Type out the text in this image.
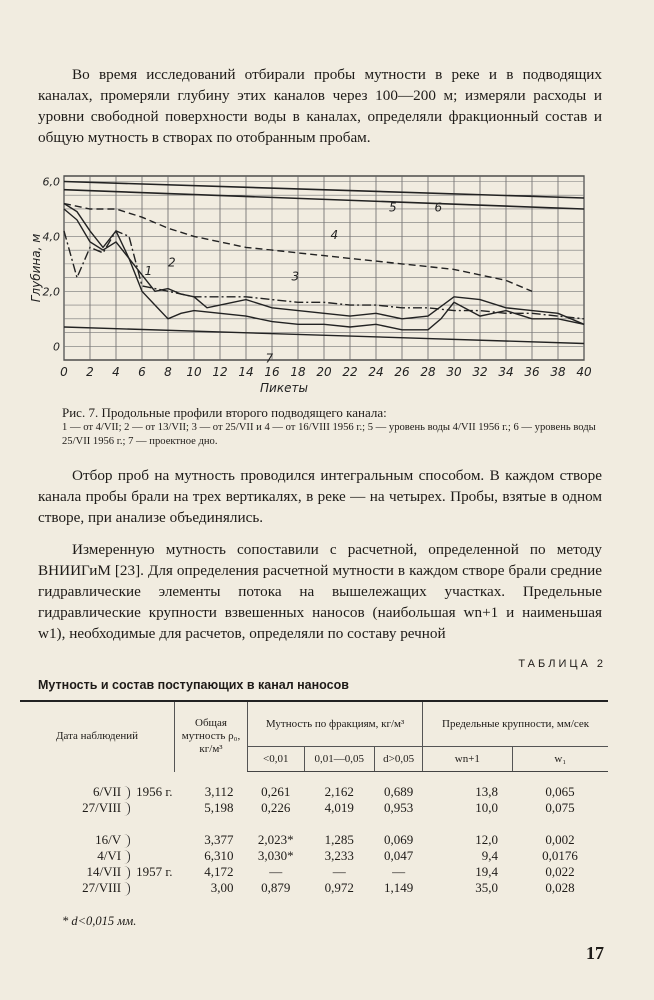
Во время исследований отбирали пробы мутности в реке и в подводящих каналах, промеряли глубину этих каналов через 100—200 м; измеряли расходы и уровни свободной поверхности воды в каналах, определяли фракционный состав и общую мутность в створах по отобранным пробам.

0 2 4 6 8 10 12 14 16 18 20 22 24 26 28 30 32 34 36 38 40
0
2,0
4,0
6,0
1
2
3
4
5	6
7
Пикеты
Глубина, м

Рис. 7. Продольные профили второго подводящего канала:

1 — от 4/VII; 2 — от 13/VII; 3 — от 25/VII и 4 — от 16/VIII 1956 г.; 5 — уровень воды 4/VII 1956 г.; 6 — уровень воды 25/VII 1956 г.; 7 — проектное дно.

Отбор проб на мутность проводился интегральным способом. В каждом створе канала пробы брали на трех вертикалях, в реке — на четырех. Пробы, взятые в одном створе, при анализе объединялись.

Измеренную мутность сопоставили с расчетной, определенной по методу ВНИИГиМ [23]. Для определения расчетной мутности в каждом створе брали средние гидравлические элементы потока на вышележащих участках. Предельные гидравлические крупности взвешенных наносов (наибольшая wn+1 и наименьшая w1), необходимые для расчетов, определяли по составу речной

ТАБЛИЦА 2
Мутность и состав поступающих в канал наносов
Дата наблюдений	Общая мутность ρ₀, кг/м³	Мутность по фракциям, кг/м³			Предельные крупности, мм/сек	
		<0,01	0,01—0,05	d>0,05	wn+1	w₁

6/VII 1956 г.	3,112	0,261	2,162	0,689	13,8	0,065
27/VIII	5,198	0,226	4,019	0,953	10,0	0,075

16/V	3,377	2,023*	1,285	0,069	12,0	0,002
4/VI	6,310	3,030*	3,233	0,047	9,4	0,0176
14/VII 1957 г.	4,172	—	—	—	19,4	0,022
27/VIII	3,00	0,879	0,972	1,149	35,0	0,028
* d<0,015 мм.
17
